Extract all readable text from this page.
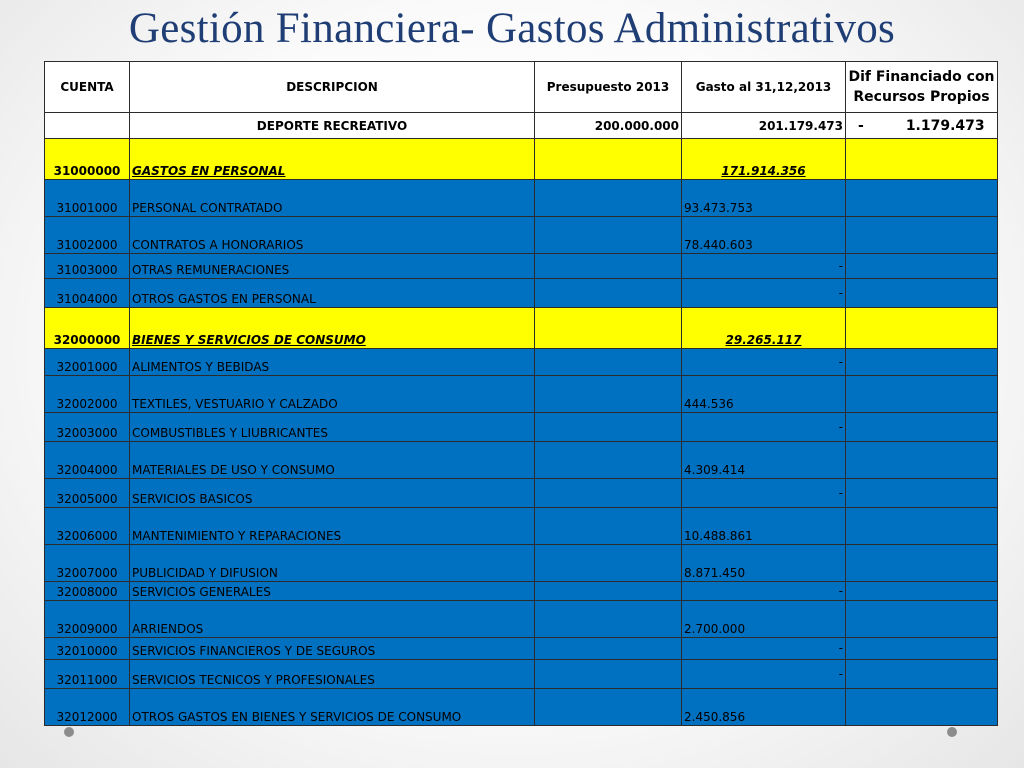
Gestión Financiera- Gastos Administrativos
CUENTA	DESCRIPCION	Presupuesto 2013	Gasto al 31,12,2013	Dif Financiado con Recursos Propios
	DEPORTE RECREATIVO	200.000.000	201.179.473	- 1.179.473
31000000	GASTOS EN PERSONAL		171.914.356	
31001000	PERSONAL CONTRATADO		93.473.753	
31002000	CONTRATOS A HONORARIOS		78.440.603	
31003000	OTRAS REMUNERACIONES		-	
31004000	OTROS GASTOS EN PERSONAL		-	
32000000	BIENES Y SERVICIOS DE CONSUMO		29.265.117	
32001000	ALIMENTOS Y BEBIDAS		-	
32002000	TEXTILES, VESTUARIO Y CALZADO		444.536	
32003000	COMBUSTIBLES Y LIUBRICANTES		-	
32004000	MATERIALES DE USO Y CONSUMO		4.309.414	
32005000	SERVICIOS BASICOS		-	
32006000	MANTENIMIENTO Y REPARACIONES		10.488.861	
32007000	PUBLICIDAD Y DIFUSION		8.871.450	
32008000	SERVICIOS GENERALES		-	
32009000	ARRIENDOS		2.700.000	
32010000	SERVICIOS FINANCIEROS Y DE SEGUROS		-	
32011000	SERVICIOS TECNICOS Y PROFESIONALES		-	
32012000	OTROS GASTOS EN BIENES Y SERVICIOS DE CONSUMO		2.450.856	
